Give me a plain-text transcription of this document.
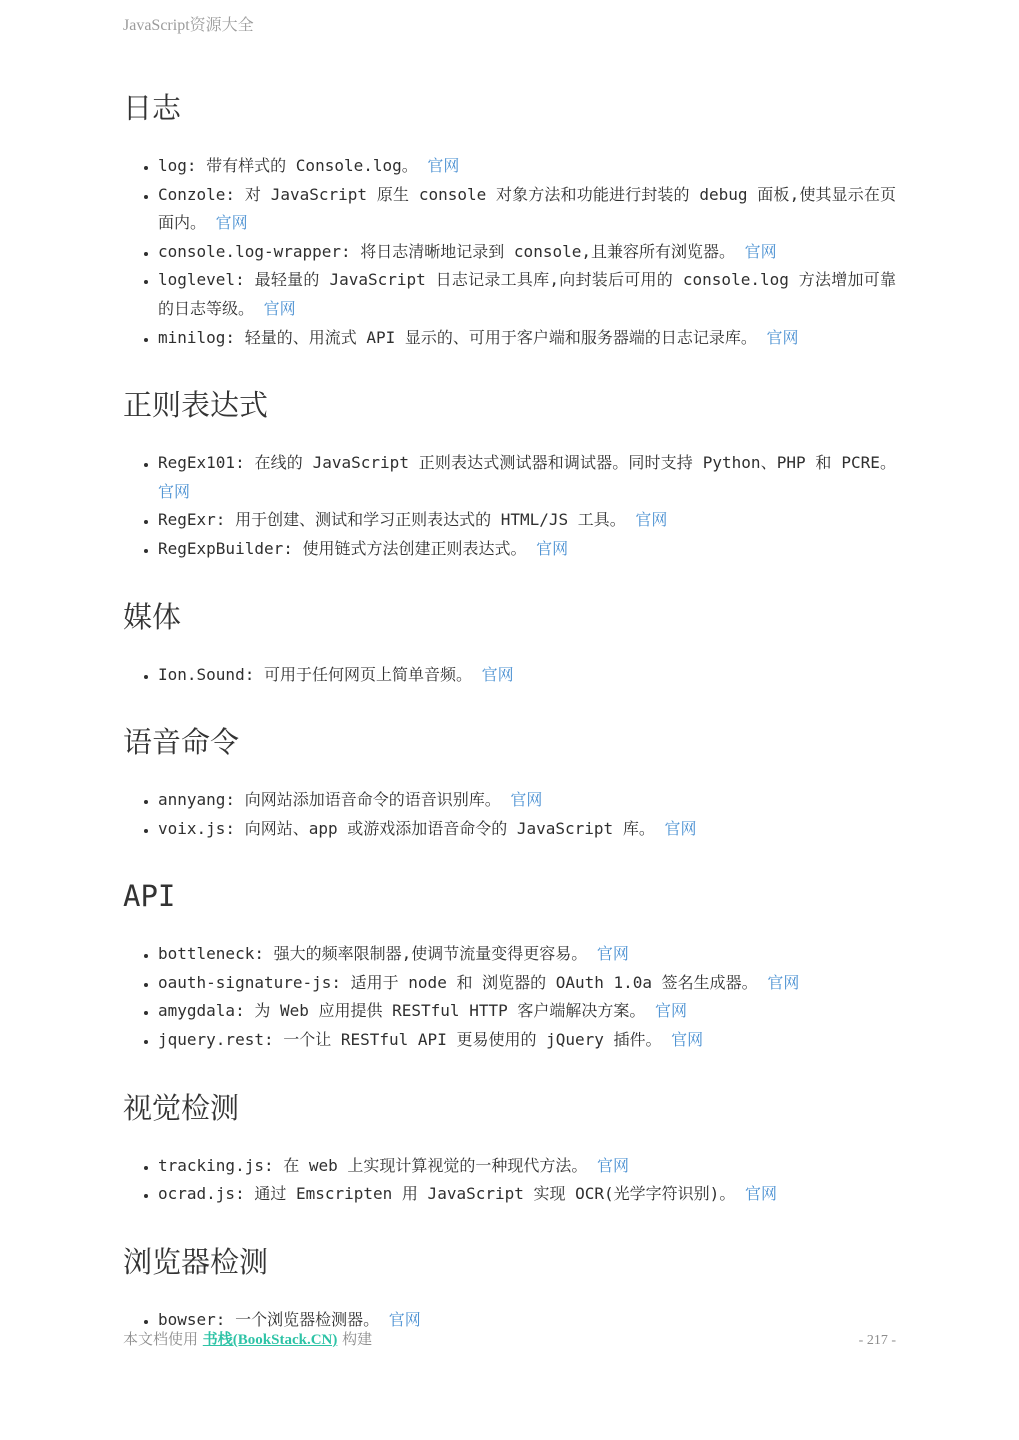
JavaScript资源大全
日志
• log: 带有样式的 Console.log。 官网
• Conzole: 对 JavaScript 原生 console 对象方法和功能进行封装的 debug 面板,使其显示在页面内。 官网
• console.log-wrapper: 将日志清晰地记录到 console,且兼容所有浏览器。 官网
• loglevel: 最轻量的 JavaScript 日志记录工具库,向封装后可用的 console.log 方法增加可靠的日志等级。 官网
• minilog: 轻量的、用流式 API 显示的、可用于客户端和服务器端的日志记录库。 官网
正则表达式
• RegEx101: 在线的 JavaScript 正则表达式测试器和调试器。同时支持 Python、PHP 和 PCRE。 官网
• RegExr: 用于创建、测试和学习正则表达式的 HTML/JS 工具。 官网
• RegExpBuilder: 使用链式方法创建正则表达式。 官网
媒体
• Ion.Sound: 可用于任何网页上简单音频。 官网
语音命令
• annyang: 向网站添加语音命令的语音识别库。 官网
• voix.js: 向网站、app 或游戏添加语音命令的 JavaScript 库。 官网
API
• bottleneck: 强大的频率限制器,使调节流量变得更容易。 官网
• oauth-signature-js: 适用于 node 和 浏览器的 OAuth 1.0a 签名生成器。 官网
• amygdala: 为 Web 应用提供 RESTful HTTP 客户端解决方案。 官网
• jquery.rest: 一个让 RESTful API 更易使用的 jQuery 插件。 官网
视觉检测
• tracking.js: 在 web 上实现计算视觉的一种现代方法。 官网
• ocrad.js: 通过 Emscripten 用 JavaScript 实现 OCR(光学字符识别)。 官网
浏览器检测
• bowser: 一个浏览器检测器。 官网
本文档使用 书栈(BookStack.CN) 构建	- 217 -
